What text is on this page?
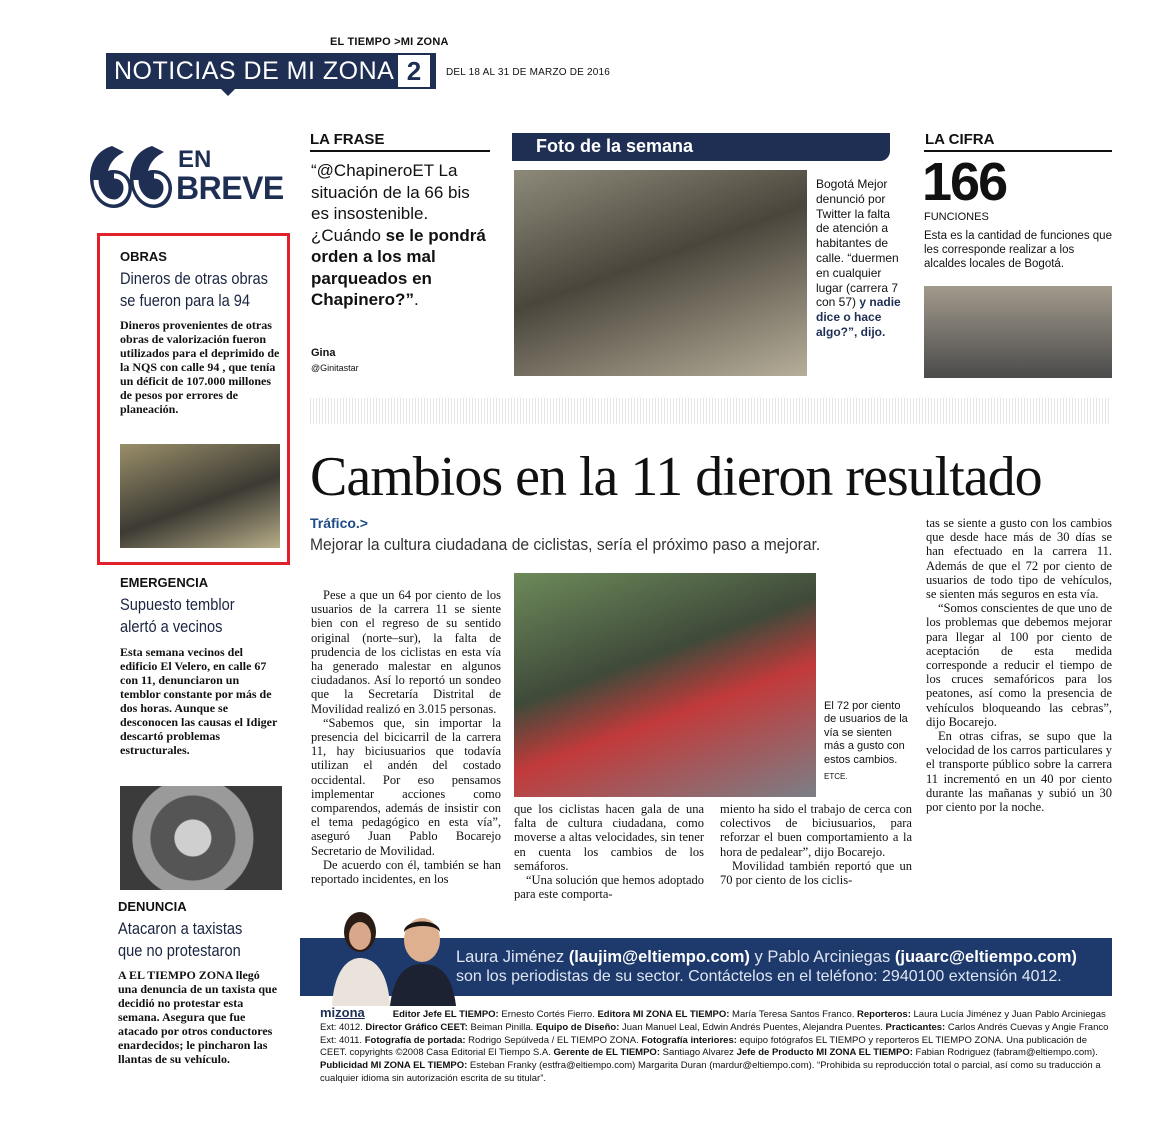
EL TIEMPO >MI ZONA
NOTICIAS DE MI ZONA 2	DEL 18 AL 31 DE MARZO DE 2016
EN
BREVE
OBRAS
Dineros de otras obras
se fueron para la 94
Dineros provenientes de otras obras de valorización fueron utilizados para el deprimido de la NQS con calle 94 , que tenía un déficit de 107.000 millones de pesos por errores de planeación.
EMERGENCIA
Supuesto temblor
alertó a vecinos
Esta semana vecinos del edificio El Velero, en calle 67 con 11, denunciaron un temblor constante por más de dos horas. Aunque se desconocen las causas el Idiger descartó problemas estructurales.
DENUNCIA
Atacaron a taxistas
que no protestaron
A EL TIEMPO ZONA llegó una denuncia de un taxista que decidió no protestar esta semana. Asegura que fue atacado por otros conductores enardecidos; le pincharon las llantas de su vehículo.
LA FRASE
“@ChapineroET La situación de la 66 bis es insostenible. ¿Cuándo se le pondrá orden a los mal parqueados en Chapinero?”.
Gina
@Ginitastar
Foto de la semana
Bogotá Mejor denunció por Twitter la falta de atención a habitantes de calle. “duermen en cualquier lugar (carrera 7 con 57) y nadie dice o hace algo?”, dijo.
LA CIFRA
166
FUNCIONES
Esta es la cantidad de funciones que les corresponde realizar a los alcaldes locales de Bogotá.
Cambios en la 11 dieron resultado
Tráfico.>
Mejorar la cultura ciudadana de ciclistas, sería el próximo paso a mejorar.

Pese a que un 64 por ciento de los usuarios de la carrera 11 se siente bien con el regreso de su sentido original (norte–sur), la falta de prudencia de los ciclistas en esta vía ha generado malestar en algunos ciudadanos. Así lo reportó un sondeo que la Secretaría Distrital de Movilidad realizó en 3.015 personas.

“Sabemos que, sin importar la presencia del bicicarril de la carrera 11, hay biciusuarios que todavía utilizan el andén del costado occidental. Por eso pensamos implementar acciones como comparendos, además de insistir con el tema pedagógico en esta vía”, aseguró Juan Pablo Bocarejo Secretario de Movilidad.

De acuerdo con él, también se han reportado incidentes, en los

El 72 por ciento de usuarios de la vía se sienten más a gusto con estos cambios.
ETCE.

que los ciclistas hacen gala de una falta de cultura ciudadana, como moverse a altas velocidades, sin tener en cuenta los cambios de los semáforos.

“Una solución que hemos adoptado para este comporta-

miento ha sido el trabajo de cerca con colectivos de biciusuarios, para reforzar el buen comportamiento a la hora de pedalear”, dijo Bocarejo.

Movilidad también reportó que un 70 por ciento de los ciclis-

tas se siente a gusto con los cambios que desde hace más de 30 días se han efectuado en la carrera 11. Además de que el 72 por ciento de usuarios de todo tipo de vehículos, se sienten más seguros en esta vía.

“Somos conscientes de que uno de los problemas que debemos mejorar para llegar al 100 por ciento de aceptación de esta medida corresponde a reducir el tiempo de los cruces semafóricos para los peatones, así como la presencia de vehículos bloqueando las cebras”, dijo Bocarejo.

En otras cifras, se supo que la velocidad de los carros particulares y el transporte público sobre la carrera 11 incrementó en un 40 por ciento durante las mañanas y subió un 30 por ciento por la noche.

Laura Jiménez (laujim@eltiempo.com) y Pablo Arciniegas (juaarc@eltiempo.com)
son los periodistas de su sector. Contáctelos en el teléfono: 2940100 extensión 4012.
mizona	Editor Jefe EL TIEMPO: Ernesto Cortés Fierro. Editora MI ZONA EL TIEMPO: María Teresa Santos Franco. Reporteros: Laura Lucía Jiménez y Juan Pablo Arciniegas Ext: 4012. Director Gráfico CEET: Beiman Pinilla. Equipo de Diseño: Juan Manuel Leal, Edwin Andrés Puentes, Alejandra Puentes. Practicantes: Carlos Andrés Cuevas y Angie Franco Ext: 4011. Fotografía de portada: Rodrigo Sepúlveda / EL TIEMPO ZONA. Fotografía interiores: equipo fotógrafos EL TIEMPO y reporteros EL TIEMPO ZONA. Una publicación de CEET. copyrights ©2008 Casa Editorial El Tiempo S.A. Gerente de EL TIEMPO: Santiago Alvarez Jefe de Producto MI ZONA EL TIEMPO: Fabian Rodriguez (fabram@eltiempo.com). Publicidad MI ZONA EL TIEMPO: Esteban Franky (estfra@eltiempo.com) Margarita Duran (mardur@eltiempo.com). “Prohibida su reproducción total o parcial, así como su traducción a cualquier idioma sin autorización escrita de su titular”.
